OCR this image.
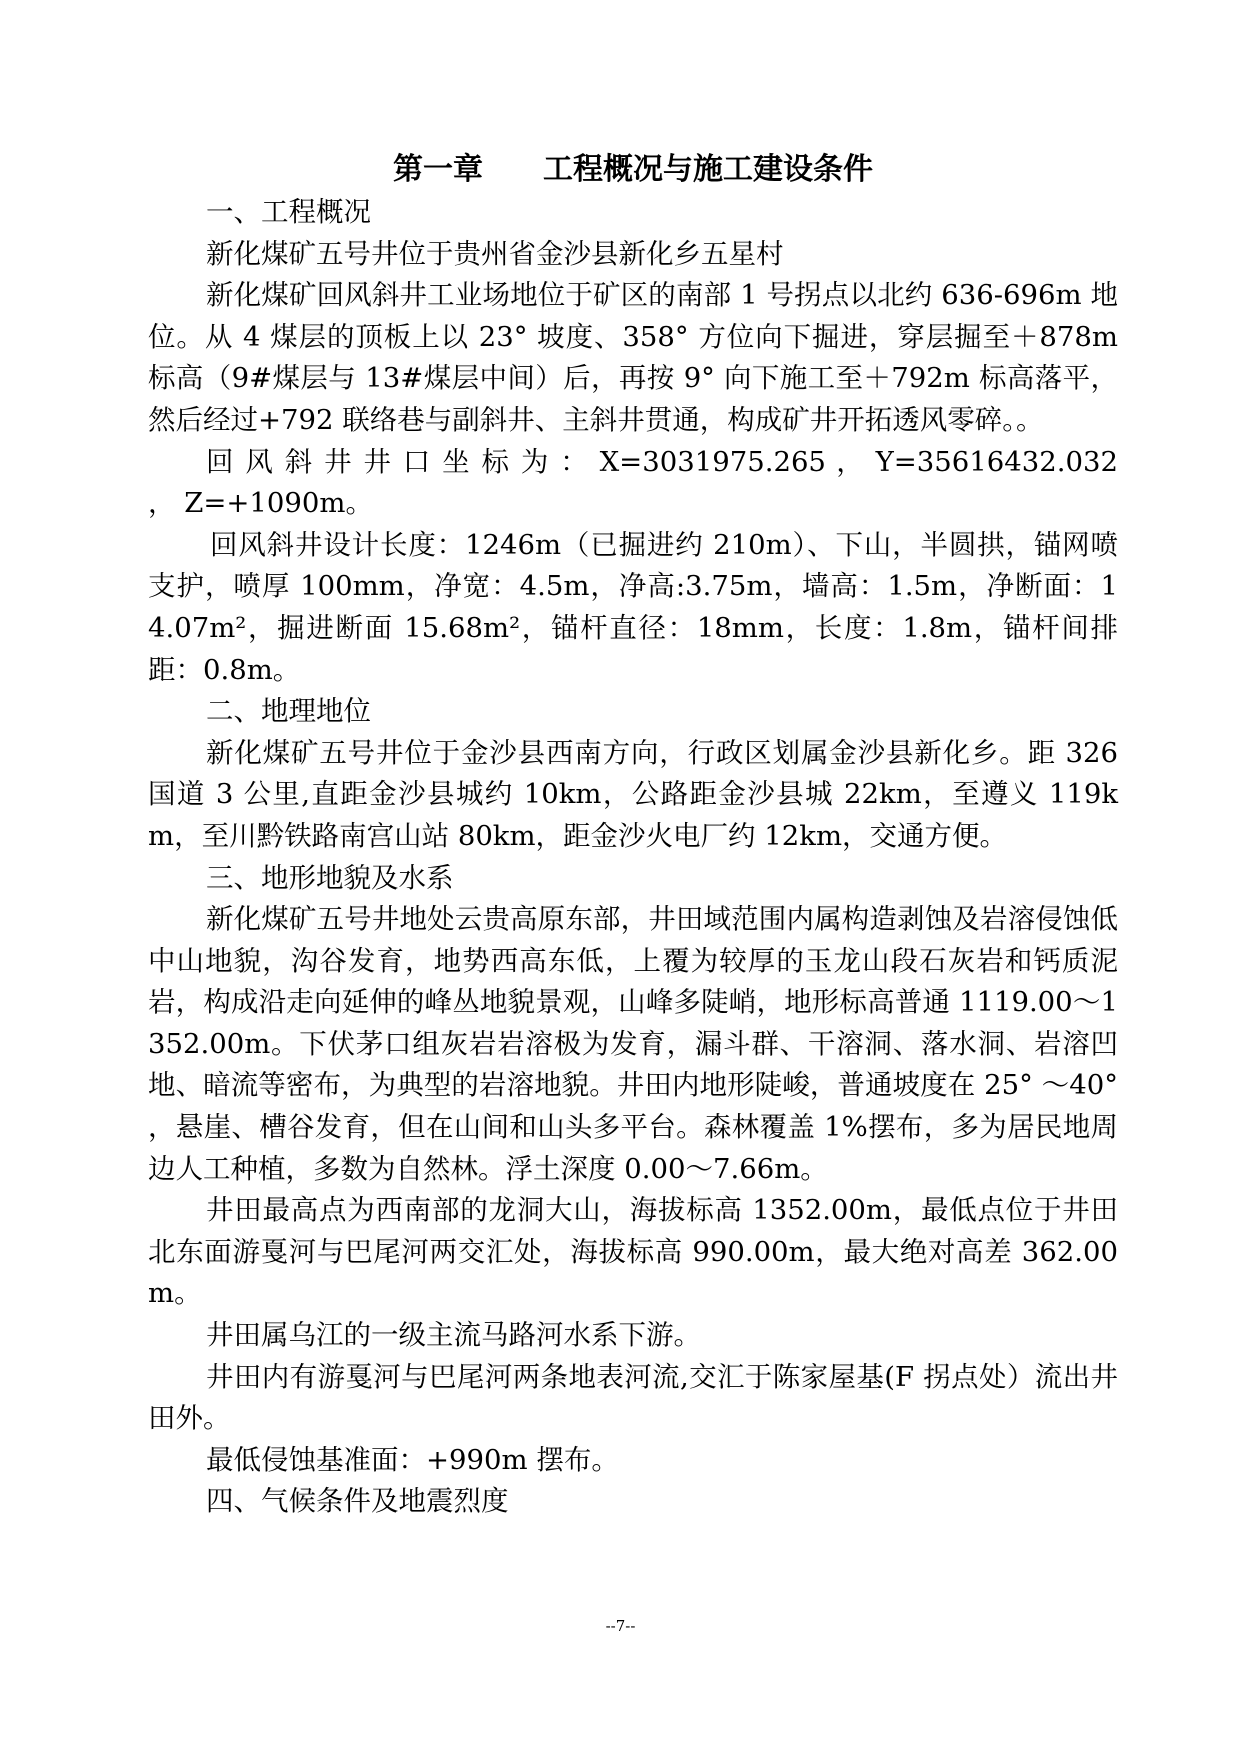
第一章　　工程概况与施工建设条件

一、工程概况

新化煤矿五号井位于贵州省金沙县新化乡五星村

新化煤矿回风斜井工业场地位于矿区的南部 1 号拐点以北约 636-696m 地位。从 4 煤层的顶板上以 23° 坡度、358° 方位向下掘进，穿层掘至＋878m 标高（9#煤层与 13#煤层中间）后，再按 9° 向下施工至＋792m 标高落平，然后经过+792 联络巷与副斜井、主斜井贯通，构成矿井开拓透风零碎。。

回 风 斜 井 井 口 坐 标 为 ： X=3031975.265 ， Y=35616432.032 ， Z=+1090m。

回风斜井设计长度：1246m（已掘进约 210m）、下山，半圆拱，锚网喷支护，喷厚 100mm，净宽：4.5m，净高:3.75m，墙高：1.5m，净断面：14.07m²，掘进断面 15.68m²，锚杆直径：18mm，长度：1.8m，锚杆间排距：0.8m。

二、地理地位

新化煤矿五号井位于金沙县西南方向，行政区划属金沙县新化乡。距 326 国道 3 公里,直距金沙县城约 10km，公路距金沙县城 22km，至遵义 119km，至川黔铁路南宫山站 80km，距金沙火电厂约 12km，交通方便。

三、地形地貌及水系

新化煤矿五号井地处云贵高原东部，井田域范围内属构造剥蚀及岩溶侵蚀低中山地貌，沟谷发育，地势西高东低，上覆为较厚的玉龙山段石灰岩和钙质泥岩，构成沿走向延伸的峰丛地貌景观，山峰多陡峭，地形标高普通 1119.00～1352.00m。下伏茅口组灰岩岩溶极为发育，漏斗群、干溶洞、落水洞、岩溶凹地、暗流等密布，为典型的岩溶地貌。井田内地形陡峻，普通坡度在 25° ～40° ，悬崖、槽谷发育，但在山间和山头多平台。森林覆盖 1%摆布，多为居民地周边人工种植，多数为自然林。浮土深度 0.00～7.66m。

井田最高点为西南部的龙洞大山，海拔标高 1352.00m，最低点位于井田北东面游戛河与巴尾河两交汇处，海拔标高 990.00m，最大绝对高差 362.00m。

井田属乌江的一级主流马路河水系下游。

井田内有游戛河与巴尾河两条地表河流,交汇于陈家屋基(F 拐点处）流出井田外。

最低侵蚀基准面：+990m 摆布。

四、气候条件及地震烈度

--7--
